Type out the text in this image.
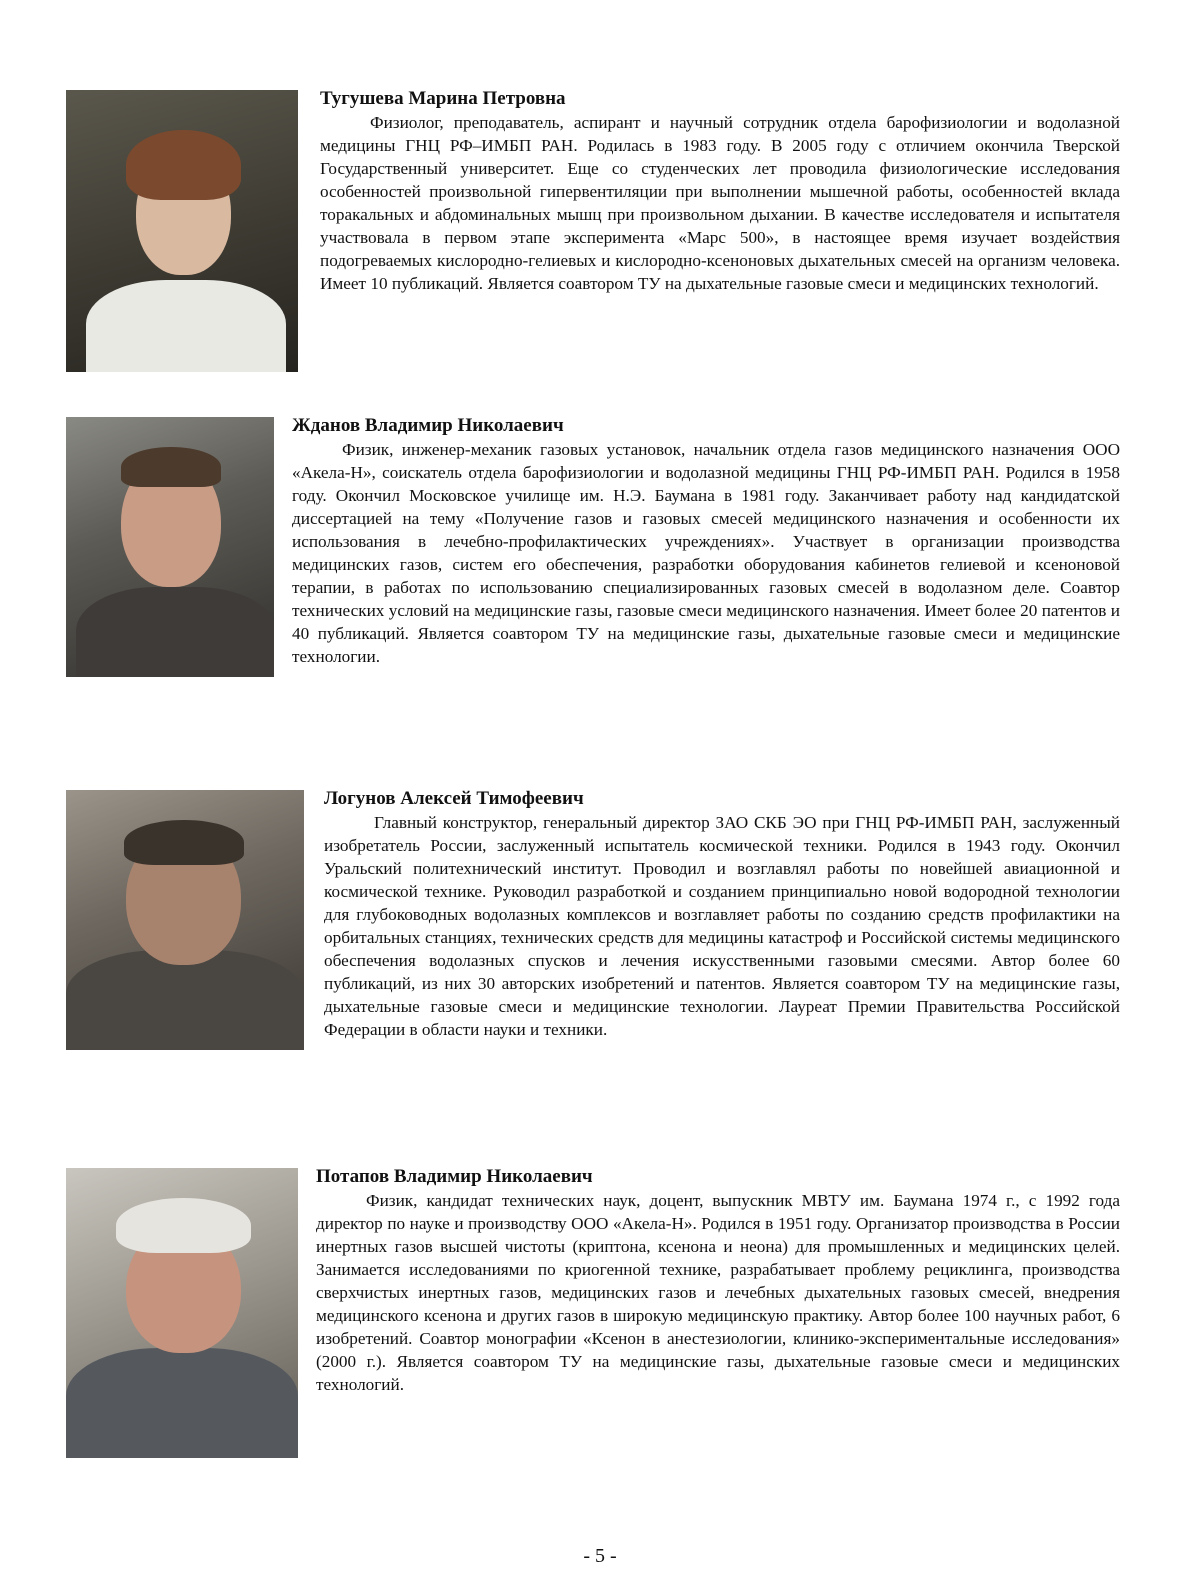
Тугушева Марина Петровна

Физиолог, преподаватель, аспирант и научный сотрудник отдела барофизиологии и водолазной медицины ГНЦ РФ–ИМБП РАН. Родилась в 1983 году. В 2005 году с отличием окончила Тверской Государственный университет. Еще со студенческих лет проводила физиологические исследования особенностей произвольной гипервентиляции при выполнении мышечной работы, особенностей вклада торакальных и абдоминальных мышц при произвольном дыхании. В качестве исследователя и испытателя участвовала в первом этапе эксперимента «Марс 500», в настоящее время изучает воздействия подогреваемых кислородно-гелиевых и кислородно-ксеноновых дыхательных смесей на организм человека. Имеет 10 публикаций. Является соавтором ТУ на дыхательные газовые смеси и медицинских технологий.

Жданов Владимир Николаевич

Физик, инженер-механик газовых установок, начальник отдела газов медицинского назначения ООО «Акела-Н», соискатель отдела барофизиологии и водолазной медицины ГНЦ РФ-ИМБП РАН. Родился в 1958 году. Окончил Московское училище им. Н.Э. Баумана в 1981 году. Заканчивает работу над кандидатской диссертацией на тему «Получение газов и газовых смесей медицинского назначения и особенности их использования в лечебно-профилактических учреждениях». Участвует в организации производства медицинских газов, систем его обеспечения, разработки оборудования кабинетов гелиевой и ксеноновой терапии, в работах по использованию специализированных газовых смесей в водолазном деле. Соавтор технических условий на медицинские газы, газовые смеси медицинского назначения. Имеет более 20 патентов и 40 публикаций. Является соавтором ТУ на медицинские газы, дыхательные газовые смеси и медицинские технологии.

Логунов Алексей Тимофеевич

Главный конструктор, генеральный директор ЗАО СКБ ЭО при ГНЦ РФ-ИМБП РАН, заслуженный изобретатель России, заслуженный испытатель космической техники. Родился в 1943 году. Окончил Уральский политехнический институт. Проводил и возглавлял работы по новейшей авиационной и космической технике. Руководил разработкой и созданием принципиально новой водородной технологии для глубоководных водолазных комплексов и возглавляет работы по созданию средств профилактики на орбитальных станциях, технических средств для медицины катастроф и Российской системы медицинского обеспечения водолазных спусков и лечения искусственными газовыми смесями. Автор более 60 публикаций, из них 30 авторских изобретений и патентов. Является соавтором ТУ на медицинские газы, дыхательные газовые смеси и медицинские технологии. Лауреат Премии Правительства Российской Федерации в области науки и техники.

Потапов Владимир Николаевич

Физик, кандидат технических наук, доцент, выпускник МВТУ им. Баумана 1974 г., с 1992 года директор по науке и производству ООО «Акела-Н». Родился в 1951 году. Организатор производства в России инертных газов высшей чистоты (криптона, ксенона и неона) для промышленных и медицинских целей. Занимается исследованиями по криогенной технике, разрабатывает проблему рециклинга, производства сверхчистых инертных газов, медицинских газов и лечебных дыхательных газовых смесей, внедрения медицинского ксенона и других газов в широкую медицинскую практику. Автор более 100 научных работ, 6 изобретений. Соавтор монографии «Ксенон в анестезиологии, клинико-экспериментальные исследования» (2000 г.). Является соавтором ТУ на медицинские газы, дыхательные газовые смеси и медицинских технологий.

- 5 -
